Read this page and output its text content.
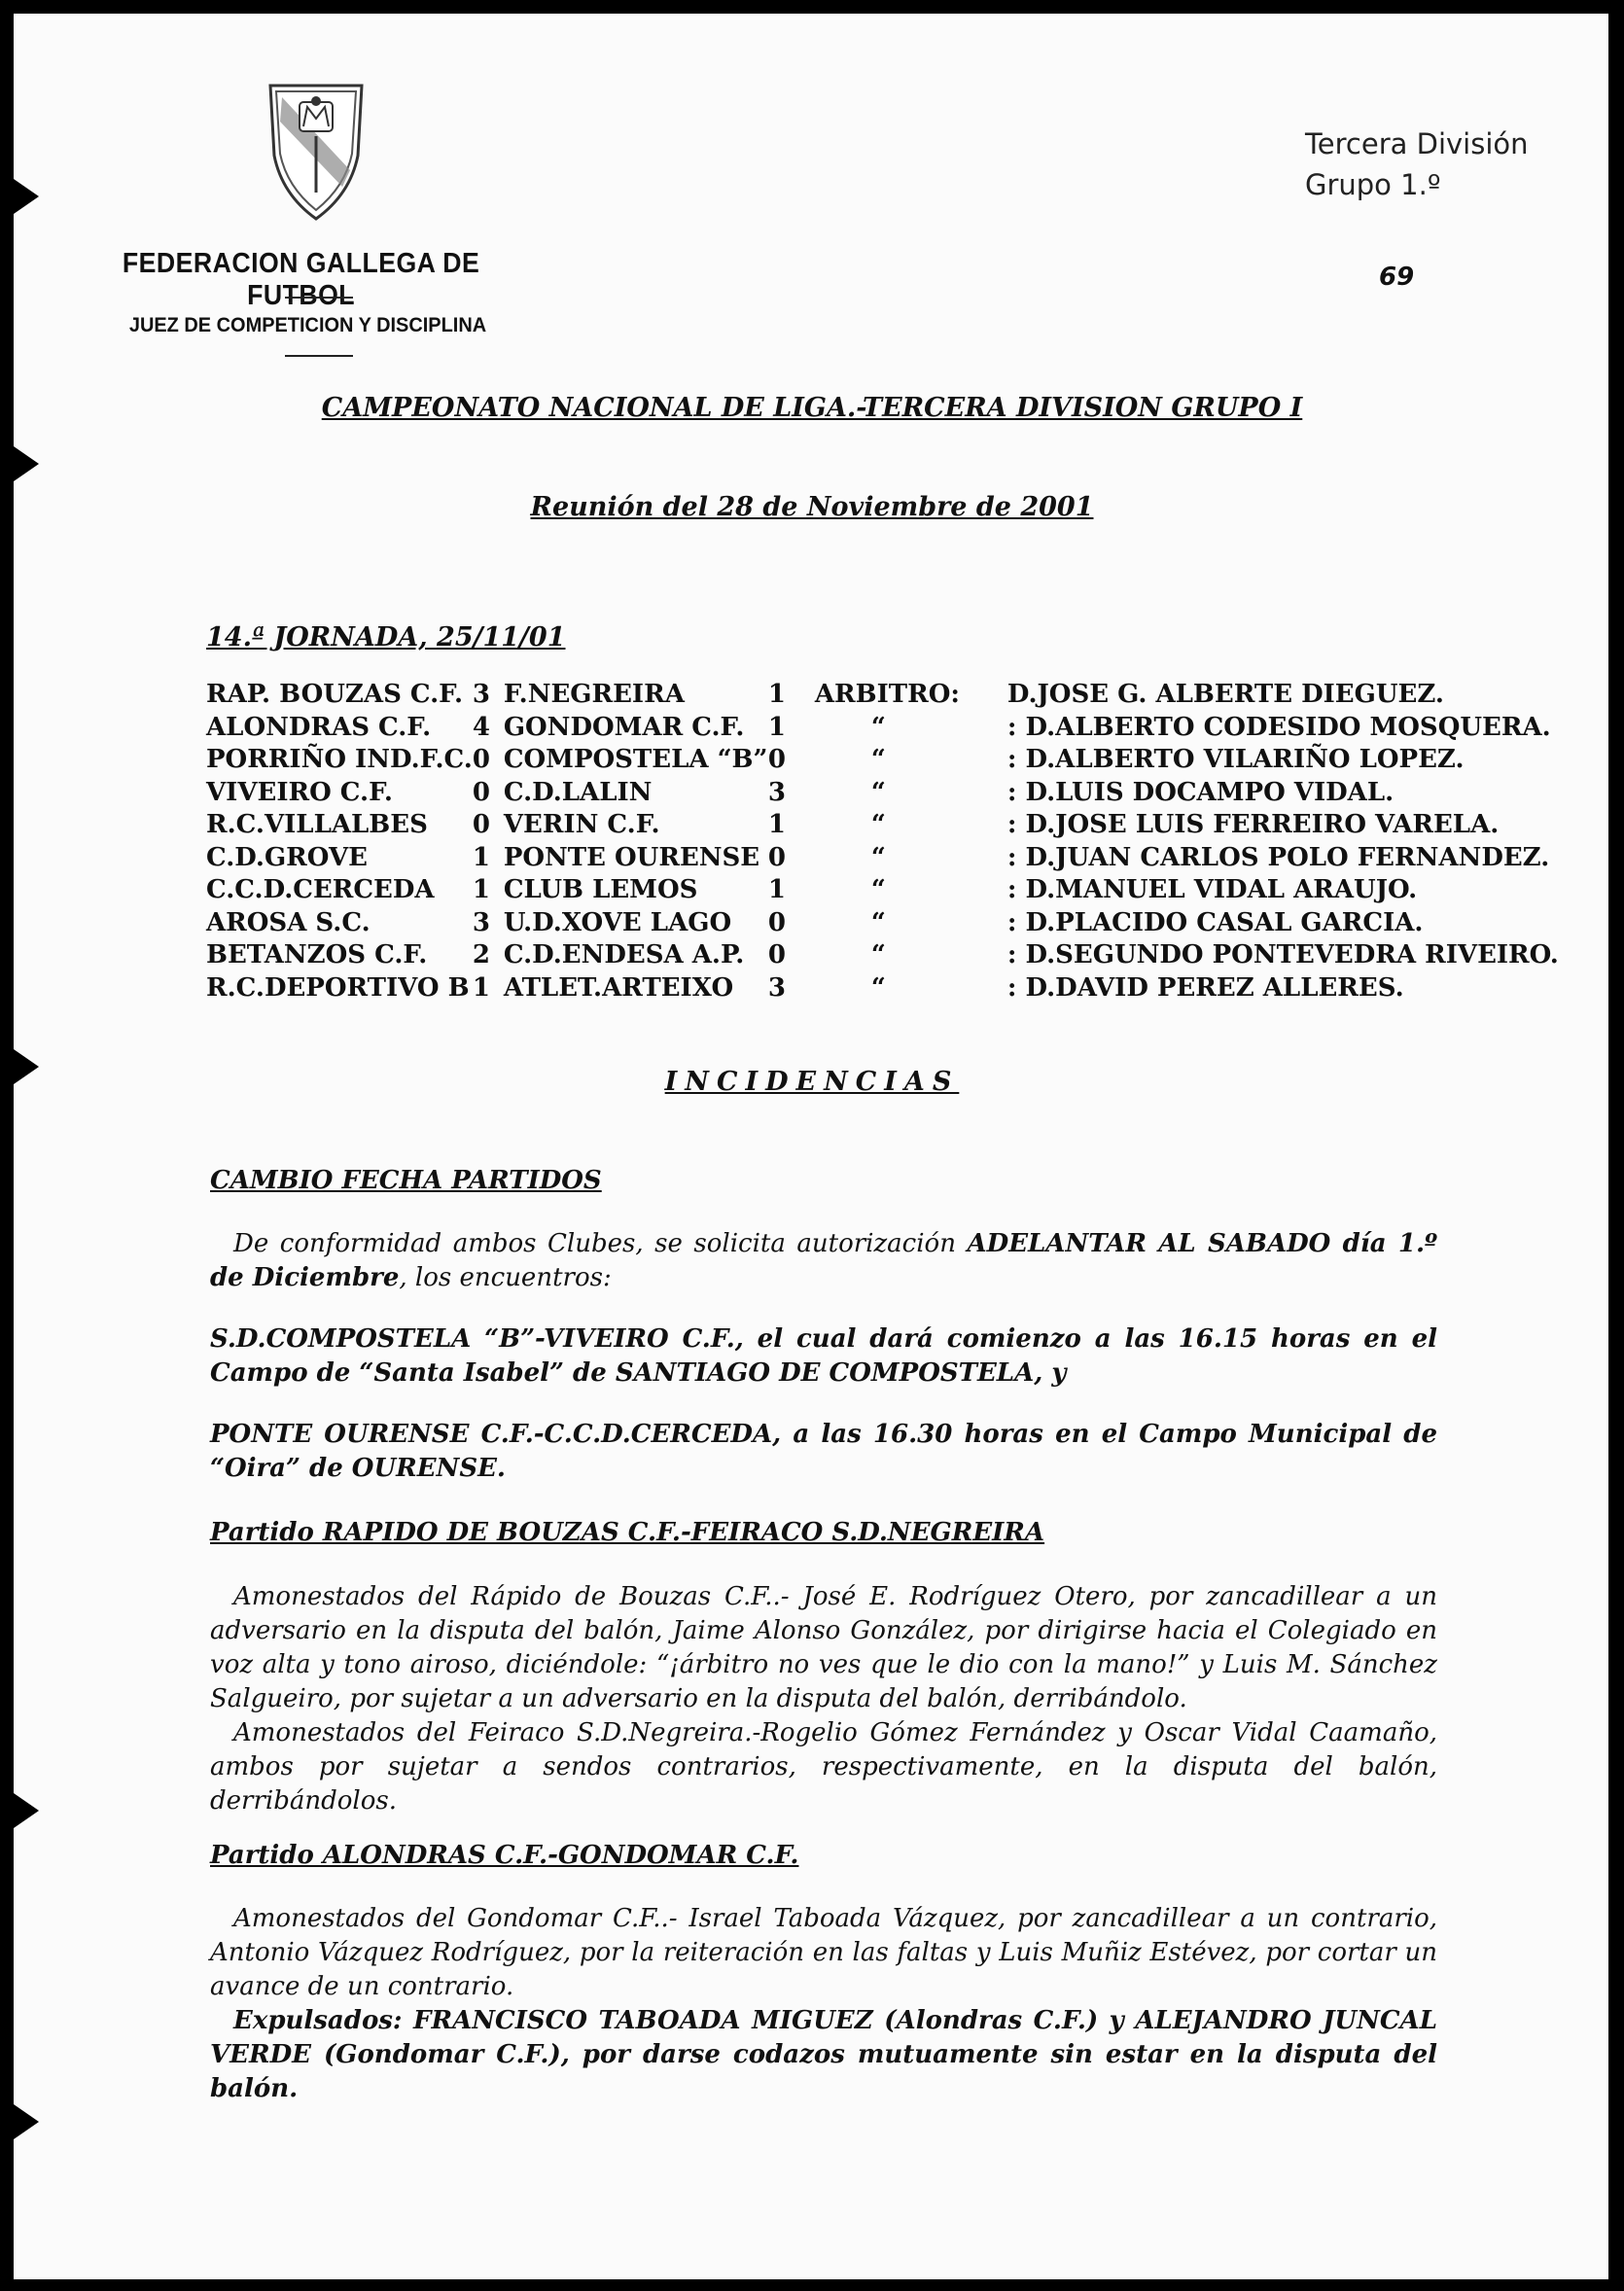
FEDERACION GALLEGA DE FUTBOL
JUEZ DE COMPETICION Y DISCIPLINA
Tercera División
Grupo 1.º
69
CAMPEONATO NACIONAL DE LIGA.-TERCERA DIVISION GRUPO I
Reunión del 28 de Noviembre de 2001
14.ª JORNADA, 25/11/01
RAP. BOUZAS C.F.	3	F.NEGREIRA	1	ARBITRO:	D.JOSE G. ALBERTE DIEGUEZ.
ALONDRAS C.F.	4	GONDOMAR C.F.	1	“	: D.ALBERTO CODESIDO MOSQUERA.
PORRIÑO IND.F.C.	0	COMPOSTELA “B”	0	“	: D.ALBERTO VILARIÑO LOPEZ.
VIVEIRO C.F.	0	C.D.LALIN	3	“	: D.LUIS DOCAMPO VIDAL.
R.C.VILLALBES	0	VERIN C.F.	1	“	: D.JOSE LUIS FERREIRO VARELA.
C.D.GROVE	1	PONTE OURENSE	0	“	: D.JUAN CARLOS POLO FERNANDEZ.
C.C.D.CERCEDA	1	CLUB LEMOS	1	“	: D.MANUEL VIDAL ARAUJO.
AROSA S.C.	3	U.D.XOVE LAGO	0	“	: D.PLACIDO CASAL GARCIA.
BETANZOS C.F.	2	C.D.ENDESA A.P.	0	“	: D.SEGUNDO PONTEVEDRA RIVEIRO.
R.C.DEPORTIVO B	1	ATLET.ARTEIXO	3	“	: D.DAVID PEREZ ALLERES.
INCIDENCIAS
CAMBIO FECHA PARTIDOS
De conformidad ambos Clubes, se solicita autorización ADELANTAR AL SABADO día 1.º de Diciembre, los encuentros:
S.D.COMPOSTELA “B”-VIVEIRO C.F., el cual dará comienzo a las 16.15 horas en el Campo de “Santa Isabel” de SANTIAGO DE COMPOSTELA, y
PONTE OURENSE C.F.-C.C.D.CERCEDA, a las 16.30 horas en el Campo Municipal de “Oira” de OURENSE.
Partido RAPIDO DE BOUZAS C.F.-FEIRACO S.D.NEGREIRA
Amonestados del Rápido de Bouzas C.F..- José E. Rodríguez Otero, por zancadillear a un adversario en la disputa del balón, Jaime Alonso González, por dirigirse hacia el Colegiado en voz alta y tono airoso, diciéndole: “¡árbitro no ves que le dio con la mano!” y Luis M. Sánchez Salgueiro, por sujetar a un adversario en la disputa del balón, derribándolo.
Amonestados del Feiraco S.D.Negreira.-Rogelio Gómez Fernández y Oscar Vidal Caamaño, ambos por sujetar a sendos contrarios, respectivamente, en la disputa del balón, derribándolos.
Partido ALONDRAS C.F.-GONDOMAR C.F.
Amonestados del Gondomar C.F..- Israel Taboada Vázquez, por zancadillear a un contrario, Antonio Vázquez Rodríguez, por la reiteración en las faltas y Luis Muñiz Estévez, por cortar un avance de un contrario.
Expulsados: FRANCISCO TABOADA MIGUEZ (Alondras C.F.) y ALEJANDRO JUNCAL VERDE (Gondomar C.F.), por darse codazos mutuamente sin estar en la disputa del balón.
